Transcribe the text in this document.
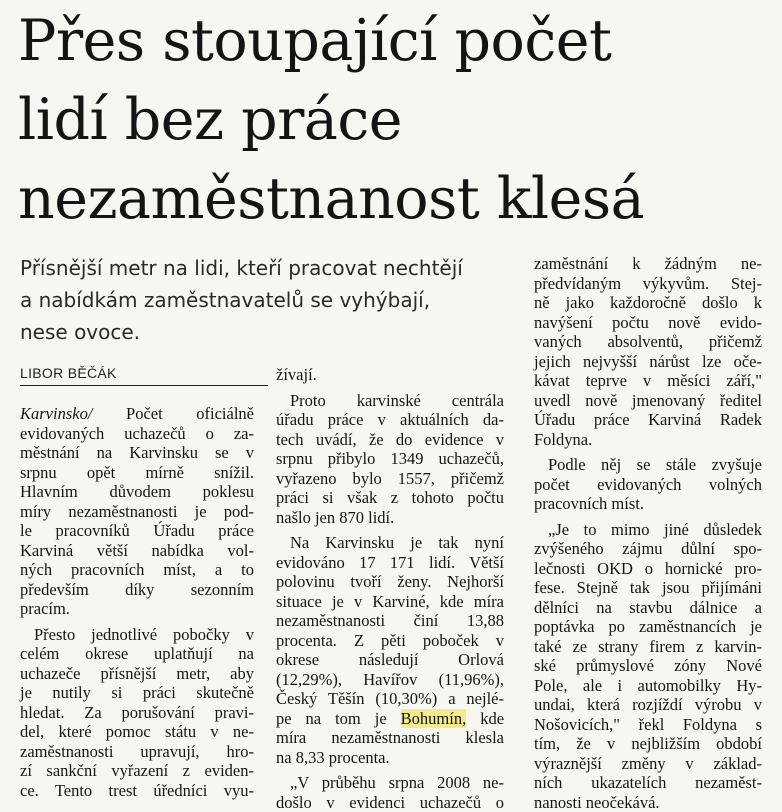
Přes stoupající počet
lidí bez práce
nezaměstnanost klesá
Přísnější metr na lidi, kteří pracovat nechtějí
a nabídkám zaměstnavatelů se vyhýbají,
nese ovoce.
LIBOR BĚČÁK
Karvinsko/ Počet oficiálně
evidovaných uchazečů o za-
městnání na Karvinsku se v
srpnu opět mírně snížil.
Hlavním důvodem poklesu
míry nezaměstnanosti je pod-
le pracovníků Úřadu práce
Karviná větší nabídka vol-
ných pracovních míst, a to
především díky sezonním
pracím.
Přesto jednotlivé pobočky v
celém okrese uplatňují na
uchazeče přísnější metr, aby
je nutily si práci skutečně
hledat. Za porušování pravi-
del, které pomoc státu v ne-
zaměstnanosti upravují, hro-
zí sankční vyřazení z eviden-
ce. Tento trest úředníci vyu-
žívají.
Proto karvinské centrála
úřadu práce v aktuálních da-
tech uvádí, že do evidence v
srpnu přibylo 1349 uchazečů,
vyřazeno bylo 1557, přičemž
práci si však z tohoto počtu
našlo jen 870 lidí.
Na Karvinsku je tak nyní
evidováno 17 171 lidí. Větší
polovinu tvoří ženy. Nejhorší
situace je v Karviné, kde míra
nezaměstnanosti činí 13,88
procenta. Z pěti poboček v
okrese následují Orlová
(12,29%), Havířov (11,96%),
Český Těšín (10,30%) a nejlé-
pe na tom je Bohumín, kde
míra nezaměstnanosti klesla
na 8,33 procenta.
„V průběhu srpna 2008 ne-
došlo v evidenci uchazečů o
zaměstnání k žádným ne-
předvídaným výkyvům. Stej-
ně jako každoročně došlo k
navýšení počtu nově evido-
vaných absolventů, přičemž
jejich nejvyšší nárůst lze oče-
kávat teprve v měsíci září,"
uvedl nově jmenovaný ředitel
Úřadu práce Karviná Radek
Foldyna.
Podle něj se stále zvyšuje
počet evidovaných volných
pracovních míst.
„Je to mimo jiné důsledek
zvýšeného zájmu důlní spo-
lečnosti OKD o hornické pro-
fese. Stejně tak jsou přijímáni
dělníci na stavbu dálnice a
poptávka po zaměstnancích je
také ze strany firem z karvin-
ské průmyslové zóny Nové
Pole, ale i automobilky Hy-
undai, která rozjíždí výrobu v
Nošovicích," řekl Foldyna s
tím, že v nejbližším období
výraznější změny v základ-
ních ukazatelích nezaměst-
nanosti neočekává.
